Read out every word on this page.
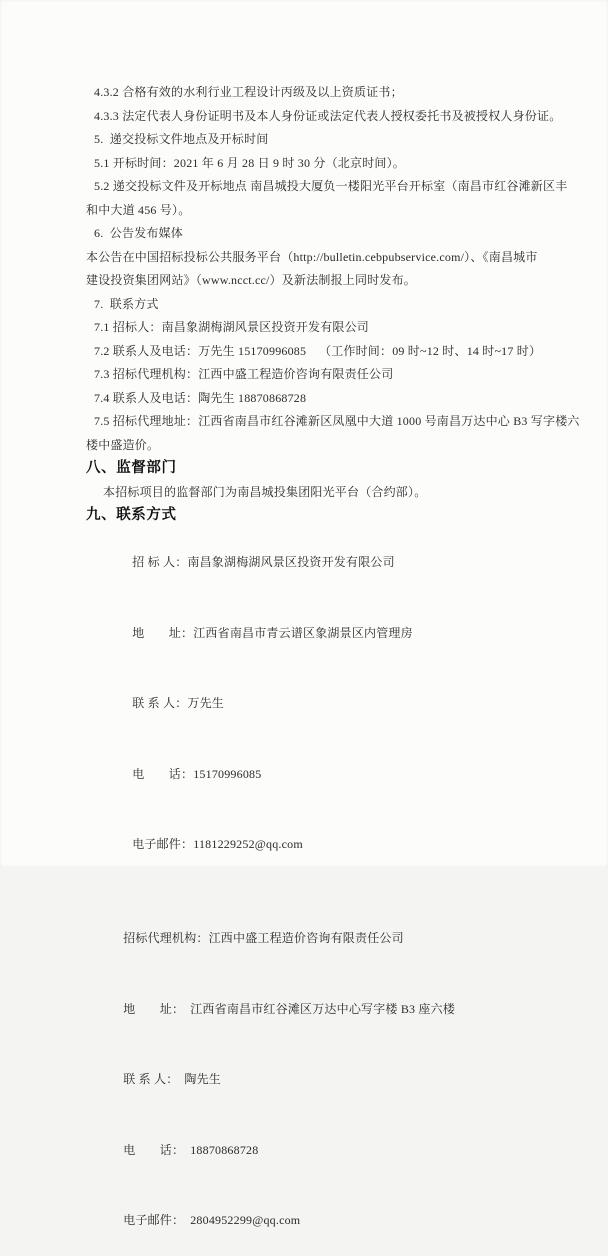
4.3.2 合格有效的水利行业工程设计丙级及以上资质证书；
4.3.3 法定代表人身份证明书及本人身份证或法定代表人授权委托书及被授权人身份证。
5.  递交投标文件地点及开标时间
5.1 开标时间：2021 年 6 月 28 日 9 时 30 分（北京时间）。
5.2 递交投标文件及开标地点 南昌城投大厦负一楼阳光平台开标室（南昌市红谷滩新区丰
和中大道 456 号）。
6.  公告发布媒体
本公告在中国招标投标公共服务平台（http://bulletin.cebpubservice.com/）、《南昌城市
建设投资集团网站》（www.ncct.cc/）及新法制报上同时发布。
7.  联系方式
7.1 招标人：南昌象湖梅湖风景区投资开发有限公司
7.2 联系人及电话：万先生 15170996085    （工作时间：09 时~12 时、14 时~17 时）
7.3 招标代理机构：江西中盛工程造价咨询有限责任公司
7.4 联系人及电话：陶先生 18870868728
7.5 招标代理地址：江西省南昌市红谷滩新区凤凰中大道 1000 号南昌万达中心 B3 写字楼六
楼中盛造价。
八、监督部门
本招标项目的监督部门为南昌城投集团阳光平台（合约部）。
九、联系方式

招 标 人：南昌象湖梅湖风景区投资开发有限公司

地　　址：江西省南昌市青云谱区象湖景区内管理房

联 系 人：万先生

电　　话：15170996085

电子邮件：1181229252@qq.com

招标代理机构：江西中盛工程造价咨询有限责任公司

地　　址： 江西省南昌市红谷滩区万达中心写字楼 B3 座六楼

联 系 人： 陶先生

电　　话： 18870868728

电子邮件： 2804952299@qq.com
